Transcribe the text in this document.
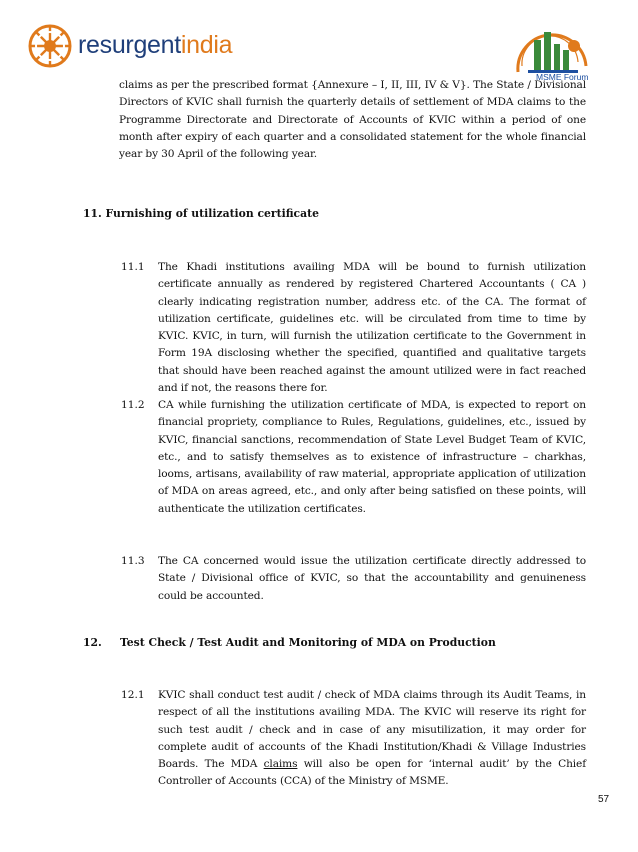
resurgentindia
MSME Forum
claims as per the prescribed format {Annexure – I, II, III, IV & V}. The State / Divisional Directors of KVIC shall furnish the quarterly details of settlement of MDA claims to the Programme Directorate and Directorate of Accounts of KVIC within a period of one month after expiry of each quarter and a consolidated statement for the whole financial year by 30 April of the following year.
11. Furnishing of utilization certificate
11.1 The Khadi institutions availing MDA will be bound to furnish utilization certificate annually as rendered by registered Chartered Accountants ( CA ) clearly indicating registration number, address etc. of the CA. The format of utilization certificate, guidelines etc. will be circulated from time to time by KVIC. KVIC, in turn, will furnish the utilization certificate to the Government in Form 19A disclosing whether the specified, quantified and qualitative targets that should have been reached against the amount utilized were in fact reached and if not, the reasons there for.
11.2 CA while furnishing the utilization certificate of MDA, is expected to report on financial propriety, compliance to Rules, Regulations, guidelines, etc., issued by KVIC, financial sanctions, recommendation of State Level Budget Team of KVIC, etc., and to satisfy themselves as to existence of infrastructure – charkhas, looms, artisans, availability of raw material, appropriate application of utilization of MDA on areas agreed, etc., and only after being satisfied on these points, will authenticate the utilization certificates.
11.3 The CA concerned would issue the utilization certificate directly addressed to State / Divisional office of KVIC, so that the accountability and genuineness could be accounted.
12. Test Check / Test Audit and Monitoring of MDA on Production
12.1 KVIC shall conduct test audit / check of MDA claims through its Audit Teams, in respect of all the institutions availing MDA. The KVIC will reserve its right for such test audit / check and in case of any misutilization, it may order for complete audit of accounts of the Khadi Institution/Khadi & Village Industries Boards. The MDA claims will also be open for ‘internal audit’ by the Chief Controller of Accounts (CCA) of the Ministry of MSME.
57
